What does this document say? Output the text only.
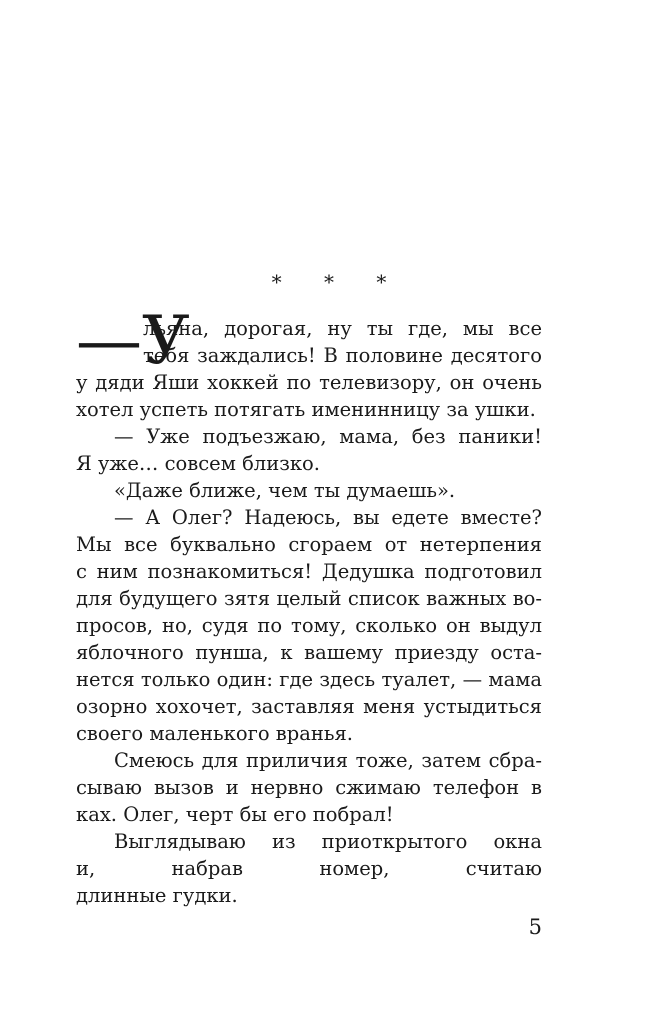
* * *
—У
льяна, дорогая, ну ты где, мы все
тебя заждались! В половине десятого
у дяди Яши хоккей по телевизору, он очень
хотел успеть потягать именинницу за ушки.
— Уже подъезжаю, мама, без паники!
Я уже… совсем близко.
«Даже ближе, чем ты думаешь».
— А Олег? Надеюсь, вы едете вместе?
Мы все буквально сгораем от нетерпения
с ним познакомиться! Дедушка подготовил
для будущего зятя целый список важных во-
просов, но, судя по тому, сколько он выдул
яблочного пунша, к вашему приезду оста-
нется только один: где здесь туалет, — мама
озорно хохочет, заставляя меня устыдиться
своего маленького вранья.
Смеюсь для приличия тоже, затем сбра-
сываю вызов и нервно сжимаю телефон в
ках. Олег, черт бы его побрал!
Выглядываю из приоткрытого окна
и, набрав номер, считаю
длинные гудки.
5
